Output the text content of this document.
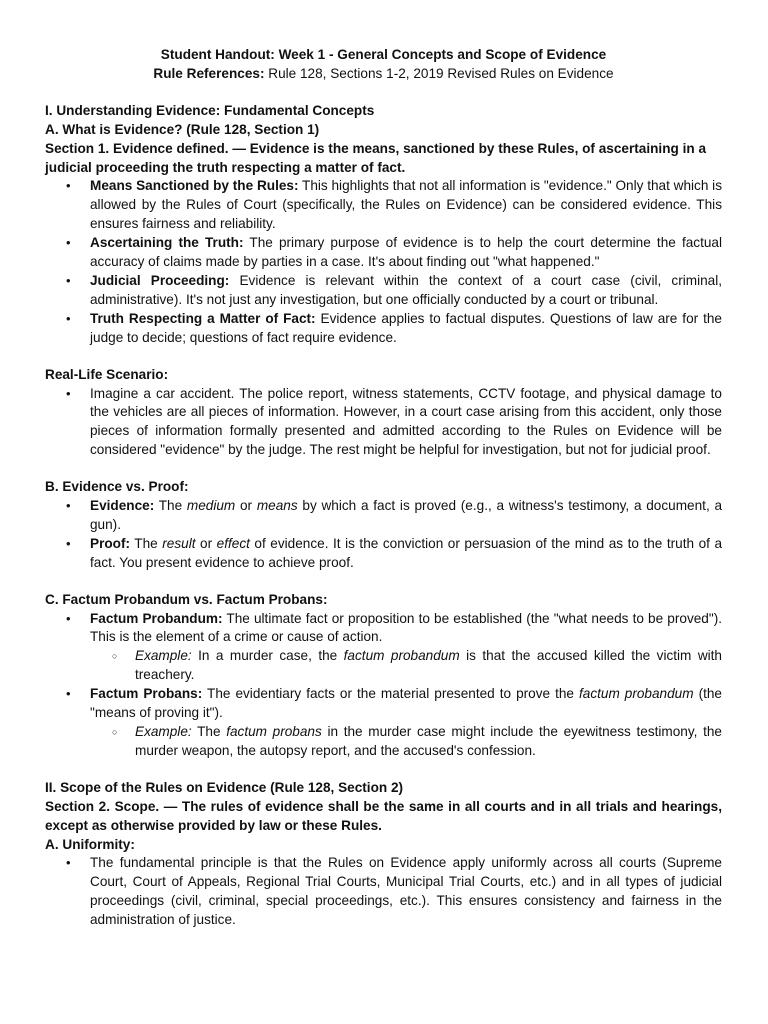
Student Handout: Week 1 - General Concepts and Scope of Evidence

Rule References: Rule 128, Sections 1-2, 2019 Revised Rules on Evidence

I. Understanding Evidence: Fundamental Concepts

A. What is Evidence? (Rule 128, Section 1)

Section 1. Evidence defined. — Evidence is the means, sanctioned by these Rules, of ascertaining in a judicial proceeding the truth respecting a matter of fact.

• Means Sanctioned by the Rules: This highlights that not all information is "evidence." Only that which is allowed by the Rules of Court (specifically, the Rules on Evidence) can be considered evidence. This ensures fairness and reliability.
• Ascertaining the Truth: The primary purpose of evidence is to help the court determine the factual accuracy of claims made by parties in a case. It's about finding out "what happened."
• Judicial Proceeding: Evidence is relevant within the context of a court case (civil, criminal, administrative). It's not just any investigation, but one officially conducted by a court or tribunal.
• Truth Respecting a Matter of Fact: Evidence applies to factual disputes. Questions of law are for the judge to decide; questions of fact require evidence.

Real-Life Scenario:

• Imagine a car accident. The police report, witness statements, CCTV footage, and physical damage to the vehicles are all pieces of information. However, in a court case arising from this accident, only those pieces of information formally presented and admitted according to the Rules on Evidence will be considered "evidence" by the judge. The rest might be helpful for investigation, but not for judicial proof.

B. Evidence vs. Proof:

• Evidence: The medium or means by which a fact is proved (e.g., a witness's testimony, a document, a gun).
• Proof: The result or effect of evidence. It is the conviction or persuasion of the mind as to the truth of a fact. You present evidence to achieve proof.

C. Factum Probandum vs. Factum Probans:

• Factum Probandum: The ultimate fact or proposition to be established (the "what needs to be proved"). This is the element of a crime or cause of action.
○ Example: In a murder case, the factum probandum is that the accused killed the victim with treachery.
• Factum Probans: The evidentiary facts or the material presented to prove the factum probandum (the "means of proving it").
○ Example: The factum probans in the murder case might include the eyewitness testimony, the murder weapon, the autopsy report, and the accused's confession.

II. Scope of the Rules on Evidence (Rule 128, Section 2)

Section 2. Scope. — The rules of evidence shall be the same in all courts and in all trials and hearings, except as otherwise provided by law or these Rules.

A. Uniformity:

• The fundamental principle is that the Rules on Evidence apply uniformly across all courts (Supreme Court, Court of Appeals, Regional Trial Courts, Municipal Trial Courts, etc.) and in all types of judicial proceedings (civil, criminal, special proceedings, etc.). This ensures consistency and fairness in the administration of justice.
